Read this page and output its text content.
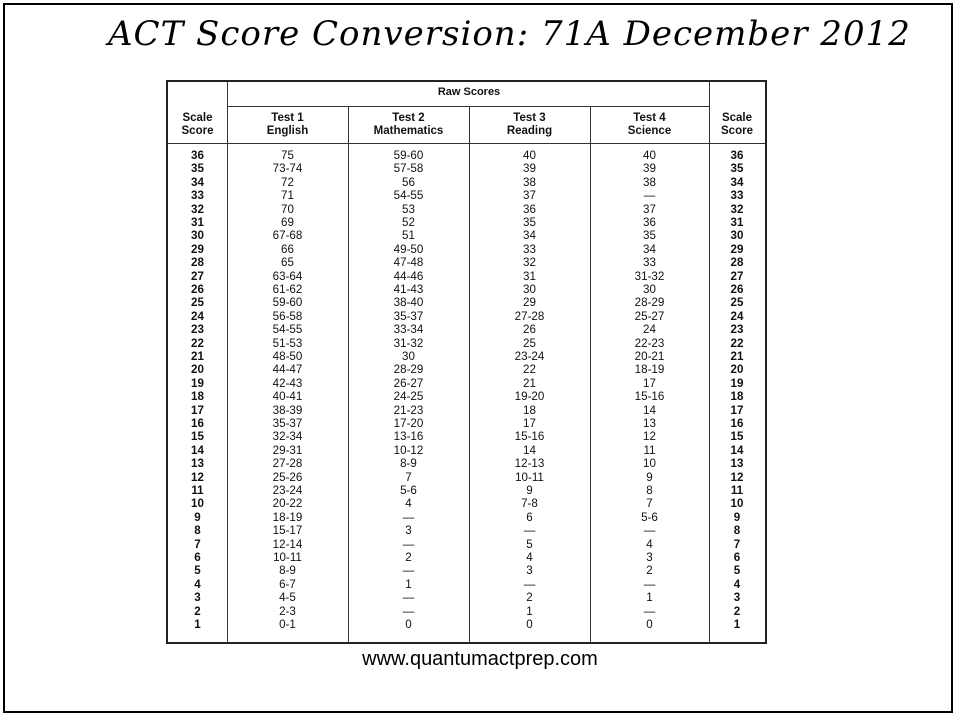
ACT Score Conversion: 71A December 2012
Raw Scores
Scale
Score
Test 1
English
Test 2
Mathematics
Test 3
Reading
Test 4
Science
Scale
Score
36	75	59-60	40	40	36
35	73-74	57-58	39	39	35
34	72	56	38	38	34
33	71	54-55	37	—	33
32	70	53	36	37	32
31	69	52	35	36	31
30	67-68	51	34	35	30
29	66	49-50	33	34	29
28	65	47-48	32	33	28
27	63-64	44-46	31	31-32	27
26	61-62	41-43	30	30	26
25	59-60	38-40	29	28-29	25
24	56-58	35-37	27-28	25-27	24
23	54-55	33-34	26	24	23
22	51-53	31-32	25	22-23	22
21	48-50	30	23-24	20-21	21
20	44-47	28-29	22	18-19	20
19	42-43	26-27	21	17	19
18	40-41	24-25	19-20	15-16	18
17	38-39	21-23	18	14	17
16	35-37	17-20	17	13	16
15	32-34	13-16	15-16	12	15
14	29-31	10-12	14	11	14
13	27-28	8-9	12-13	10	13
12	25-26	7	10-11	9	12
11	23-24	5-6	9	8	11
10	20-22	4	7-8	7	10
9	18-19	—	6	5-6	9
8	15-17	3	—	—	8
7	12-14	—	5	4	7
6	10-11	2	4	3	6
5	8-9	—	3	2	5
4	6-7	1	—	—	4
3	4-5	—	2	1	3
2	2-3	—	1	—	2
1	0-1	0	0	0	1
www.quantumactprep.com
